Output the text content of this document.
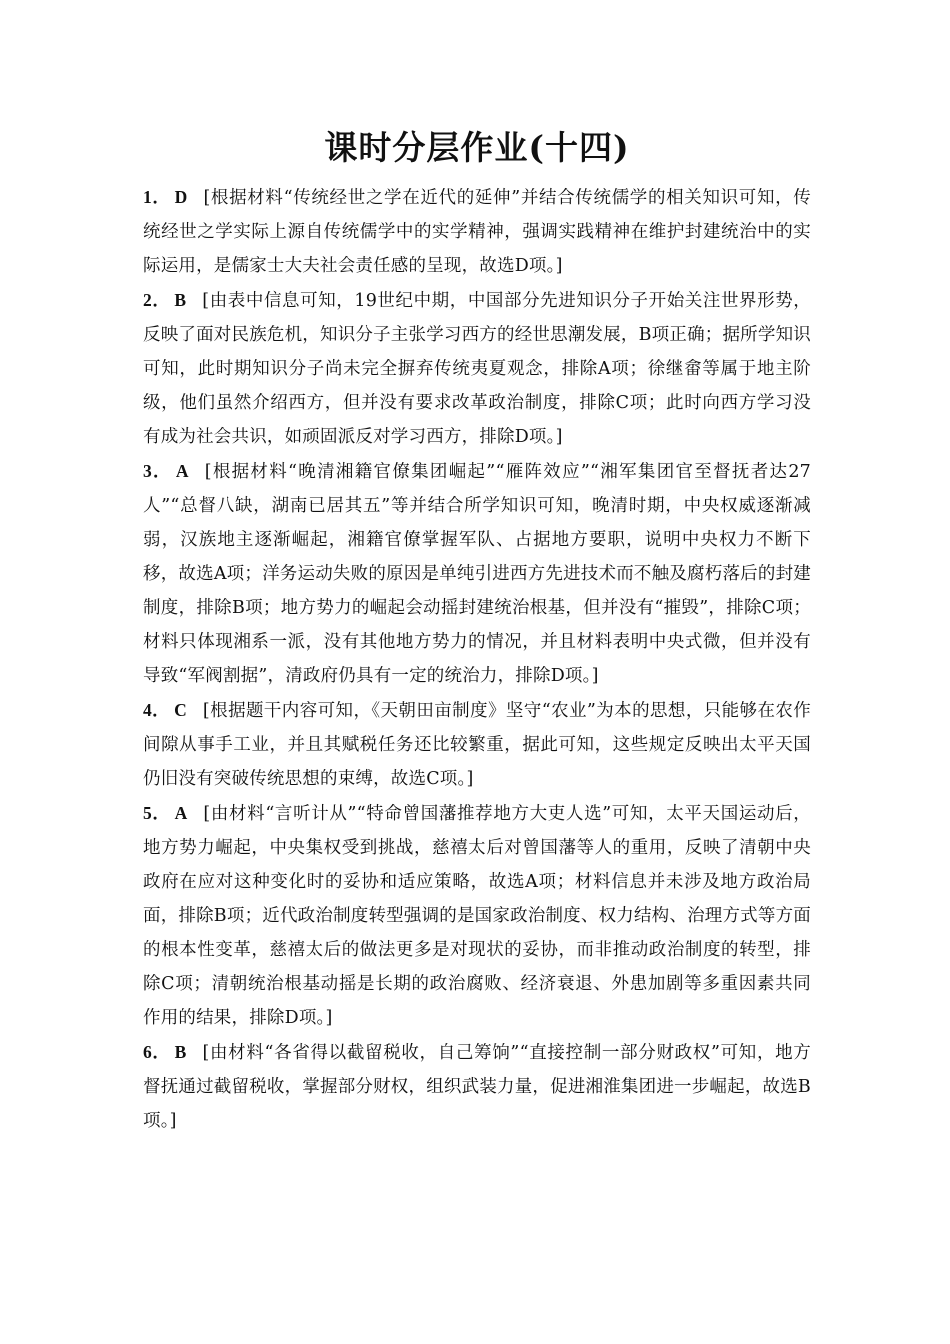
课时分层作业(十四)

1． D [根据材料“传统经世之学在近代的延伸”并结合传统儒学的相关知识可知，传统经世之学实际上源自传统儒学中的实学精神，强调实践精神在维护封建统治中的实际运用，是儒家士大夫社会责任感的呈现，故选D项。]

2． B [由表中信息可知，19世纪中期，中国部分先进知识分子开始关注世界形势，反映了面对民族危机，知识分子主张学习西方的经世思潮发展，B项正确；据所学知识可知，此时期知识分子尚未完全摒弃传统夷夏观念，排除A项；徐继畲等属于地主阶级，他们虽然介绍西方，但并没有要求改革政治制度，排除C项；此时向西方学习没有成为社会共识，如顽固派反对学习西方，排除D项。]

3． A [根据材料“晚清湘籍官僚集团崛起”“雁阵效应”“湘军集团官至督抚者达27人”“总督八缺，湖南已居其五”等并结合所学知识可知，晚清时期，中央权威逐渐减弱，汉族地主逐渐崛起，湘籍官僚掌握军队、占据地方要职，说明中央权力不断下移，故选A项；洋务运动失败的原因是单纯引进西方先进技术而不触及腐朽落后的封建制度，排除B项；地方势力的崛起会动摇封建统治根基，但并没有“摧毁”，排除C项；材料只体现湘系一派，没有其他地方势力的情况，并且材料表明中央式微，但并没有导致“军阀割据”，清政府仍具有一定的统治力，排除D项。]

4． C [根据题干内容可知，《天朝田亩制度》坚守“农业”为本的思想，只能够在农作间隙从事手工业，并且其赋税任务还比较繁重，据此可知，这些规定反映出太平天国仍旧没有突破传统思想的束缚，故选C项。]

5． A [由材料“言听计从”“特命曾国藩推荐地方大吏人选”可知，太平天国运动后，地方势力崛起，中央集权受到挑战，慈禧太后对曾国藩等人的重用，反映了清朝中央政府在应对这种变化时的妥协和适应策略，故选A项；材料信息并未涉及地方政治局面，排除B项；近代政治制度转型强调的是国家政治制度、权力结构、治理方式等方面的根本性变革，慈禧太后的做法更多是对现状的妥协，而非推动政治制度的转型，排除C项；清朝统治根基动摇是长期的政治腐败、经济衰退、外患加剧等多重因素共同作用的结果，排除D项。]

6． B [由材料“各省得以截留税收，自己筹饷”“直接控制一部分财政权”可知，地方督抚通过截留税收，掌握部分财权，组织武装力量，促进湘淮集团进一步崛起，故选B项。]
